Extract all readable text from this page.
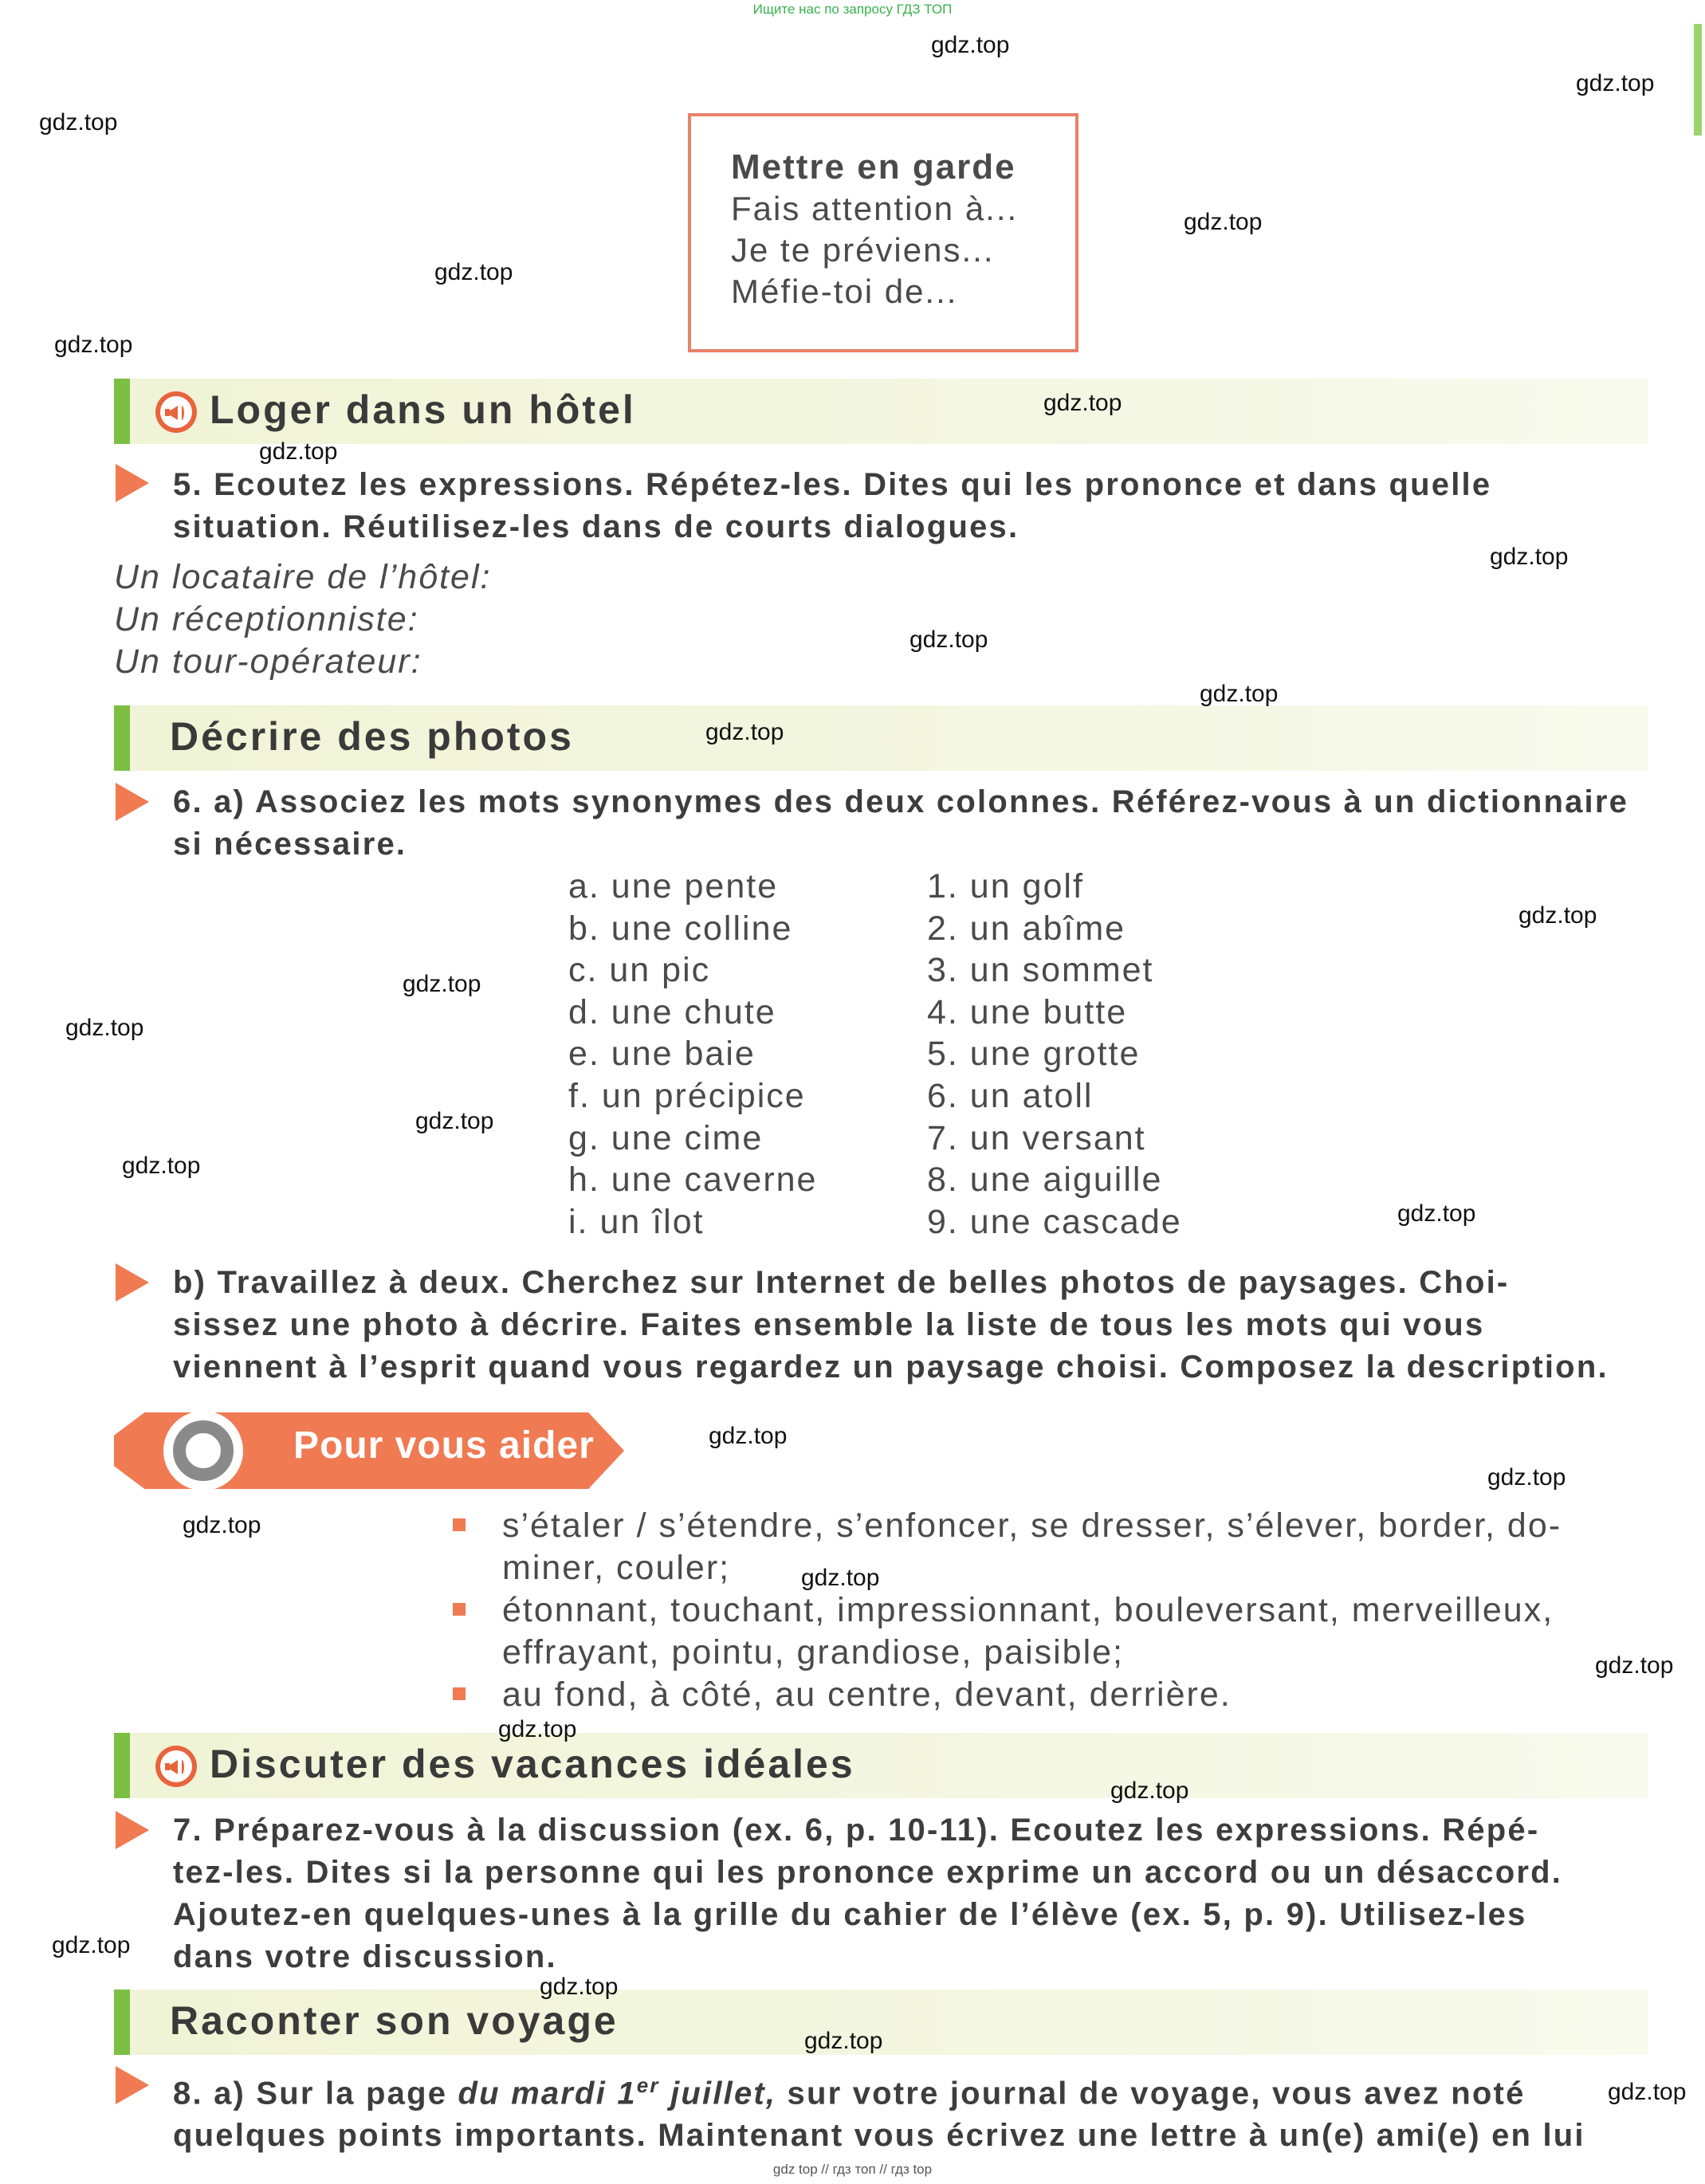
Ищите нас по запросу ГДЗ ТОП
Mettre en garde
Fais attention à...
Je te préviens...
Méfie-toi de...
Loger dans un hôtel
5. Ecoutez les expressions. Répétez-les. Dites qui les prononce et dans quelle
situation. Réutilisez-les dans de courts dialogues.
Un locataire de l’hôtel:
Un réceptionniste:
Un tour-opérateur:
Décrire des photos
6. a) Associez les mots synonymes des deux colonnes. Référez-vous à un dictionnaire
si nécessaire.
a. une pente
b. une colline
c. un pic
d. une chute
e. une baie
f. un précipice
g. une cime
h. une caverne
i. un îlot
1. un golf
2. un abîme
3. un sommet
4. une butte
5. une grotte
6. un atoll
7. un versant
8. une aiguille
9. une cascade
b) Travaillez à deux. Cherchez sur Internet de belles photos de paysages. Choi-
sissez une photo à décrire. Faites ensemble la liste de tous les mots qui vous
viennent à l’esprit quand vous regardez un paysage choisi. Composez la description.
Pour vous aider
s’étaler / s’étendre, s’enfoncer, se dresser, s’élever, border, do-
miner, couler;
étonnant, touchant, impressionnant, bouleversant, merveilleux,
effrayant, pointu, grandiose, paisible;
au fond, à côté, au centre, devant, derrière.
Discuter des vacances idéales
7. Préparez-vous à la discussion (ex. 6, p. 10-11). Ecoutez les expressions. Répé-
tez-les. Dites si la personne qui les prononce exprime un accord ou un désaccord.
Ajoutez-en quelques-unes à la grille du cahier de l’élève (ex. 5, p. 9). Utilisez-les
dans votre discussion.
Raconter son voyage
8. a) Sur la page du mardi 1er juillet, sur votre journal de voyage, vous avez noté
quelques points importants. Maintenant vous écrivez une lettre à un(e) ami(e) en lui
gdz.top
gdz.top
gdz.top
gdz.top
gdz.top
gdz.top
gdz.top
gdz.top
gdz.top
gdz.top
gdz.top
gdz.top
gdz.top
gdz.top
gdz.top
gdz.top
gdz.top
gdz.top
gdz.top
gdz.top
gdz.top
gdz.top
gdz.top
gdz.top
gdz.top
gdz.top
gdz.top
gdz.top
gdz.top
gdz top // гдз топ // гдз top
